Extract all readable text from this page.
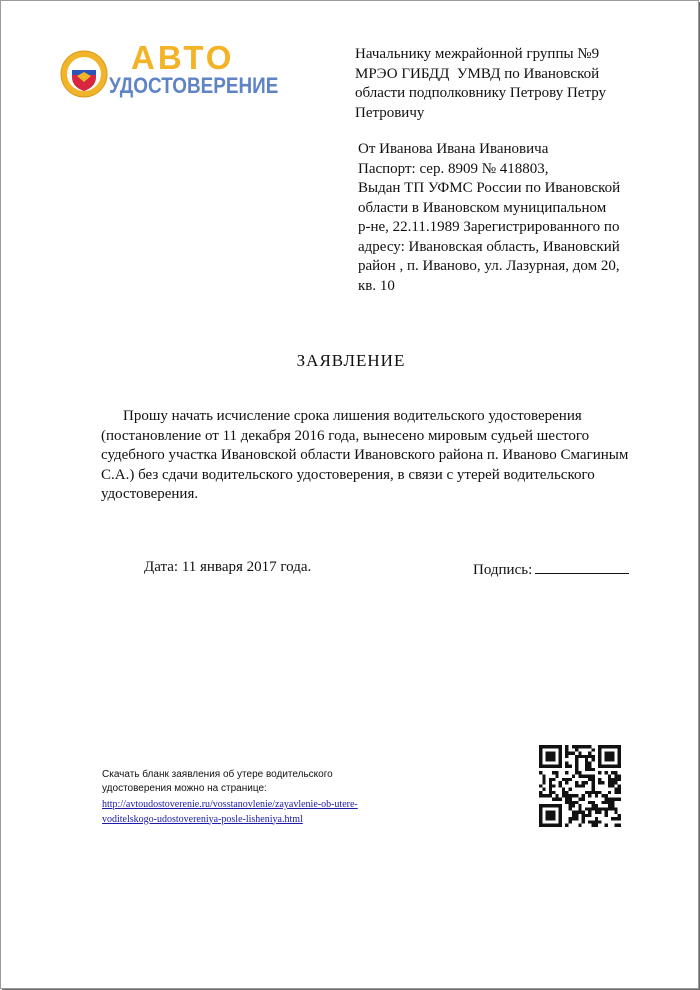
АВТО
УДОСТОВЕРЕНИЕ
Начальнику межрайонной группы №9
МРЭО ГИБДД  УМВД по Ивановской
области подполковнику Петрову Петру
Петровичу
От Иванова Ивана Ивановича
Паспорт: сер. 8909 № 418803,
Выдан ТП УФМС России по Ивановской
области в Ивановском муниципальном
р-не, 22.11.1989 Зарегистрированного по
адресу: Ивановская область, Ивановский
район , п. Иваново, ул. Лазурная, дом 20,
кв. 10
ЗАЯВЛЕНИЕ
Прошу начать исчисление срока лишения водительского удостоверения (постановление от 11 декабря 2016 года, вынесено мировым судьей шестого судебного участка Ивановской области Ивановского района п. Иваново Смагиным С.А.) без сдачи водительского удостоверения, в связи с утерей водительского удостоверения.
Дата: 11 января 2017 года.	Подпись:
Скачать бланк заявления об утере водительского
удостоверения можно на странице:
http://avtoudostoverenie.ru/vosstanovlenie/zayavlenie-ob-utere-
voditelskogo-udostovereniya-posle-lisheniya.html
